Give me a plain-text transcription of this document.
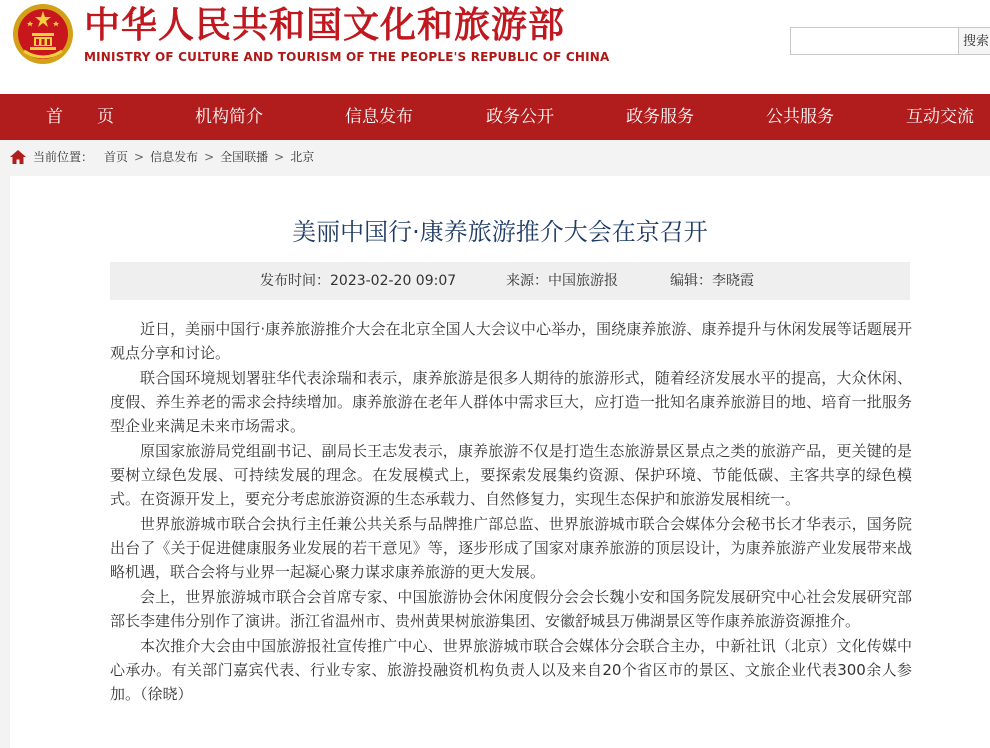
中华人民共和国文化和旅游部
MINISTRY OF CULTURE AND TOURISM OF THE PEOPLE'S REPUBLIC OF CHINA
搜索
首　　页	机构简介	信息发布	政务公开	政务服务	公共服务	互动交流
当前位置： 首页 > 信息发布 > 全国联播 > 北京
美丽中国行·康养旅游推介大会在京召开
发布时间：2023-02-20 09:07	来源：中国旅游报	编辑：李晓霞

近日，美丽中国行·康养旅游推介大会在北京全国人大会议中心举办，围绕康养旅游、康养提升与休闲发展等话题展开观点分享和讨论。

联合国环境规划署驻华代表涂瑞和表示，康养旅游是很多人期待的旅游形式，随着经济发展水平的提高，大众休闲、度假、养生养老的需求会持续增加。康养旅游在老年人群体中需求巨大，应打造一批知名康养旅游目的地、培育一批服务型企业来满足未来市场需求。

原国家旅游局党组副书记、副局长王志发表示，康养旅游不仅是打造生态旅游景区景点之类的旅游产品，更关键的是要树立绿色发展、可持续发展的理念。在发展模式上，要探索发展集约资源、保护环境、节能低碳、主客共享的绿色模式。在资源开发上，要充分考虑旅游资源的生态承载力、自然修复力，实现生态保护和旅游发展相统一。

世界旅游城市联合会执行主任兼公共关系与品牌推广部总监、世界旅游城市联合会媒体分会秘书长才华表示，国务院出台了《关于促进健康服务业发展的若干意见》等，逐步形成了国家对康养旅游的顶层设计，为康养旅游产业发展带来战略机遇，联合会将与业界一起凝心聚力谋求康养旅游的更大发展。

会上，世界旅游城市联合会首席专家、中国旅游协会休闲度假分会会长魏小安和国务院发展研究中心社会发展研究部部长李建伟分别作了演讲。浙江省温州市、贵州黄果树旅游集团、安徽舒城县万佛湖景区等作康养旅游资源推介。

本次推介大会由中国旅游报社宣传推广中心、世界旅游城市联合会媒体分会联合主办，中新社讯（北京）文化传媒中心承办。有关部门嘉宾代表、行业专家、旅游投融资机构负责人以及来自20个省区市的景区、文旅企业代表300余人参加。（徐晓）
